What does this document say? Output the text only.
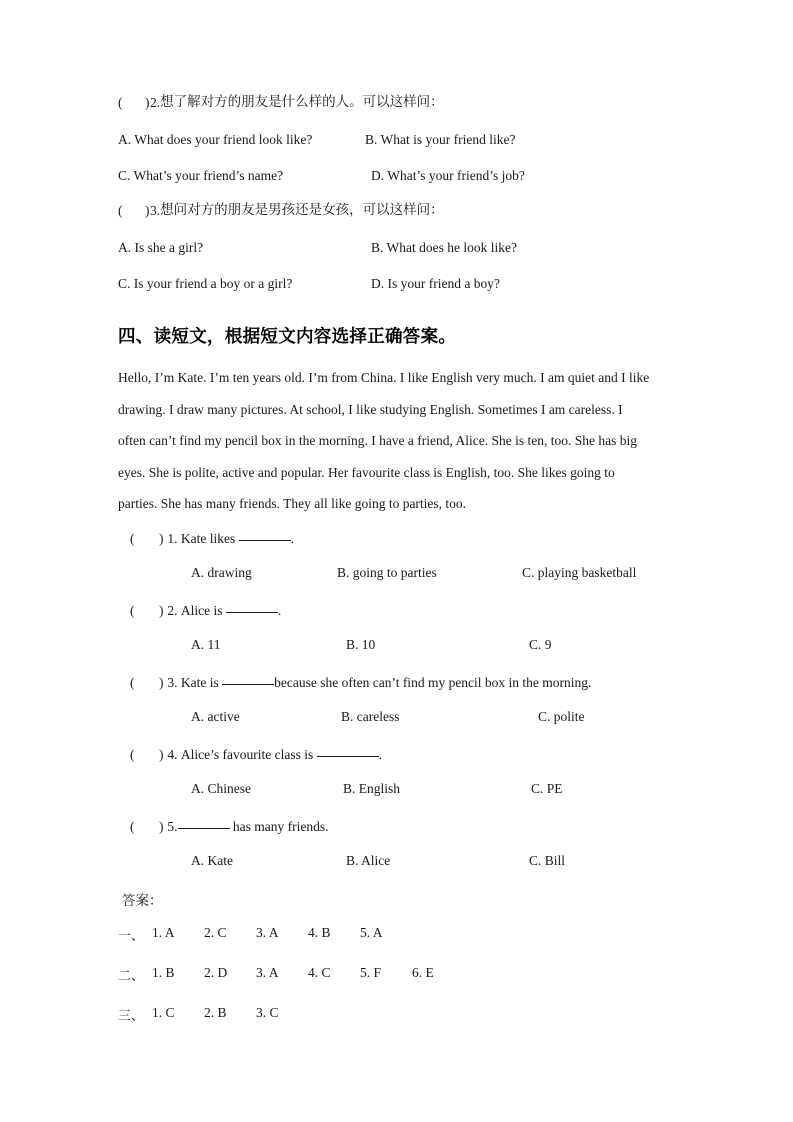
( ) 2. 想了解对方的朋友是什么样的人。可以这样问：
A. What does your friend look like?	B. What is your friend like?
C. What’s your friend’s name?	D. What’s your friend’s job?
( ) 3. 想问对方的朋友是男孩还是女孩，可以这样问：
A. Is she a girl?	B. What does he look like?
C. Is your friend a boy or a girl?	D. Is your friend a boy?
四、读短文，根据短文内容选择正确答案。
Hello, I’m Kate. I’m ten years old. I’m from China. I like English very much. I am quiet and I like
drawing. I draw many pictures. At school, I like studying English. Sometimes I am careless. I
often can’t find my pencil box in the morning. I have a friend, Alice. She is ten, too. She has big
eyes. She is polite, active and popular. Her favourite class is English, too. She likes going to
parties. She has many friends. They all like going to parties, too.
( ) 1. Kate likes	.
A. drawing	B. going to parties	C. playing basketball
( ) 2. Alice is	.
A. 11	B. 10	C. 9
( ) 3. Kate is	because she often can’t find my pencil box in the morning.
A. active	B. careless	C. polite
( ) 4. Alice’s favourite class is	.
A. Chinese	B. English	C. PE
( ) 5.	has many friends.
A. Kate	B. Alice	C. Bill
答案：
一、 1. A	2. C	3. A	4. B	5. A
二、 1. B	2. D	3. A	4. C	5. F	6. E
三、 1. C	2. B	3. C
